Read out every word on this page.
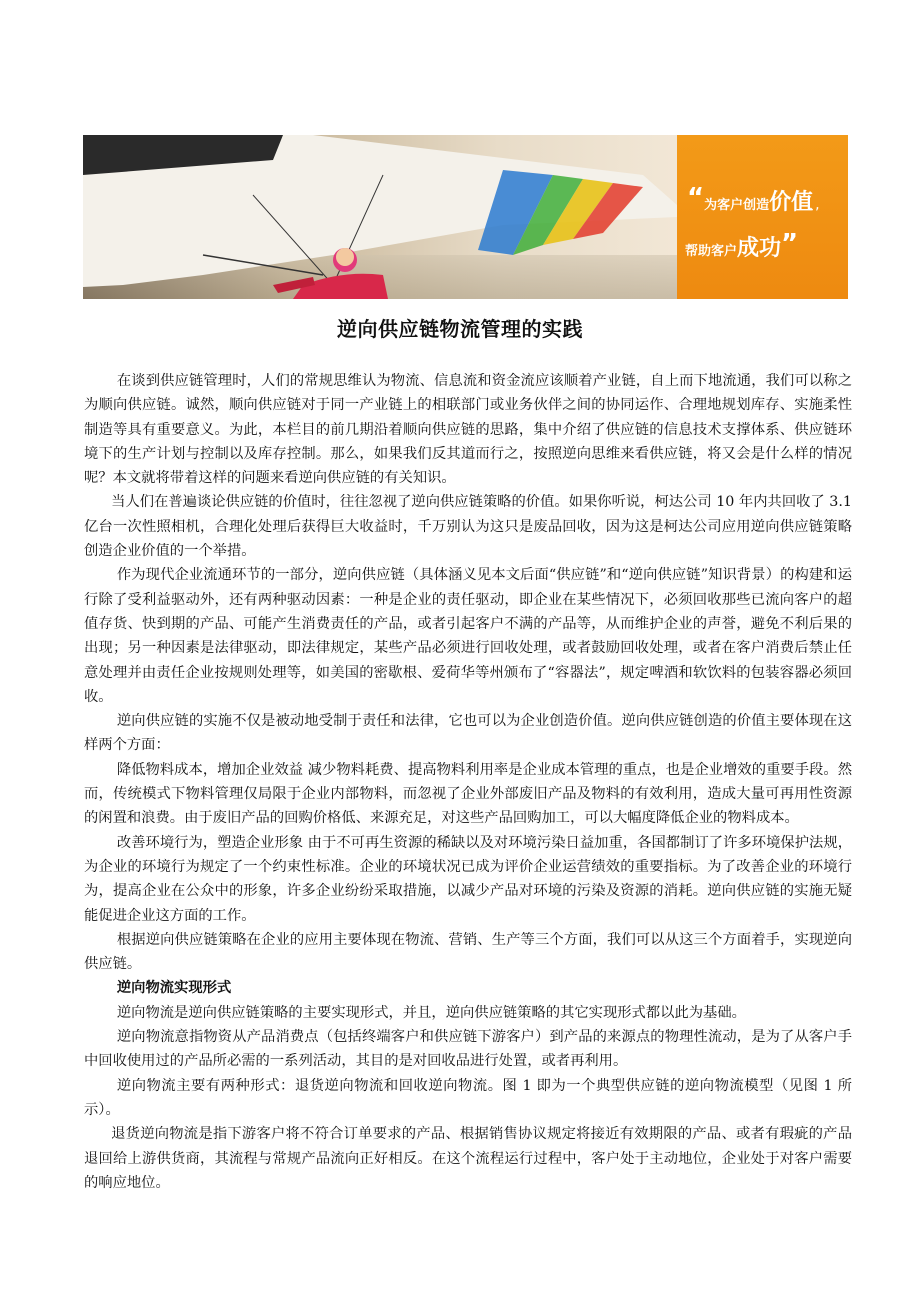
“为客户创造价值 ,
帮助客户成功”
逆向供应链物流管理的实践

在谈到供应链管理时，人们的常规思维认为物流、信息流和资金流应该顺着产业链，自上而下地流通，我们可以称之为顺向供应链。诚然，顺向供应链对于同一产业链上的相联部门或业务伙伴之间的协同运作、合理地规划库存、实施柔性制造等具有重要意义。为此，本栏目的前几期沿着顺向供应链的思路，集中介绍了供应链的信息技术支撑体系、供应链环境下的生产计划与控制以及库存控制。那么，如果我们反其道而行之，按照逆向思维来看供应链，将又会是什么样的情况呢？本文就将带着这样的问题来看逆向供应链的有关知识。

当人们在普遍谈论供应链的价值时，往往忽视了逆向供应链策略的价值。如果你听说，柯达公司 10 年内共回收了 3.1 亿台一次性照相机，合理化处理后获得巨大收益时，千万别认为这只是废品回收，因为这是柯达公司应用逆向供应链策略创造企业价值的一个举措。

作为现代企业流通环节的一部分，逆向供应链（具体涵义见本文后面“供应链”和“逆向供应链”知识背景）的构建和运行除了受利益驱动外，还有两种驱动因素：一种是企业的责任驱动，即企业在某些情况下，必须回收那些已流向客户的超值存货、快到期的产品、可能产生消费责任的产品，或者引起客户不满的产品等，从而维护企业的声誉，避免不利后果的出现；另一种因素是法律驱动，即法律规定，某些产品必须进行回收处理，或者鼓励回收处理，或者在客户消费后禁止任意处理并由责任企业按规则处理等，如美国的密歇根、爱荷华等州颁布了“容器法”，规定啤酒和软饮料的包装容器必须回收。

逆向供应链的实施不仅是被动地受制于责任和法律，它也可以为企业创造价值。逆向供应链创造的价值主要体现在这样两个方面：

降低物料成本，增加企业效益 减少物料耗费、提高物料利用率是企业成本管理的重点，也是企业增效的重要手段。然而，传统模式下物料管理仅局限于企业内部物料，而忽视了企业外部废旧产品及物料的有效利用，造成大量可再用性资源的闲置和浪费。由于废旧产品的回购价格低、来源充足，对这些产品回购加工，可以大幅度降低企业的物料成本。

改善环境行为，塑造企业形象 由于不可再生资源的稀缺以及对环境污染日益加重，各国都制订了许多环境保护法规，为企业的环境行为规定了一个约束性标准。企业的环境状况已成为评价企业运营绩效的重要指标。为了改善企业的环境行为，提高企业在公众中的形象，许多企业纷纷采取措施，以减少产品对环境的污染及资源的消耗。逆向供应链的实施无疑能促进企业这方面的工作。

根据逆向供应链策略在企业的应用主要体现在物流、营销、生产等三个方面，我们可以从这三个方面着手，实现逆向供应链。

逆向物流实现形式

逆向物流是逆向供应链策略的主要实现形式，并且，逆向供应链策略的其它实现形式都以此为基础。

逆向物流意指物资从产品消费点（包括终端客户和供应链下游客户）到产品的来源点的物理性流动，是为了从客户手中回收使用过的产品所必需的一系列活动，其目的是对回收品进行处置，或者再利用。

逆向物流主要有两种形式：退货逆向物流和回收逆向物流。图 1 即为一个典型供应链的逆向物流模型（见图 1 所示）。

退货逆向物流是指下游客户将不符合订单要求的产品、根据销售协议规定将接近有效期限的产品、或者有瑕疵的产品退回给上游供货商，其流程与常规产品流向正好相反。在这个流程运行过程中，客户处于主动地位，企业处于对客户需要的响应地位。
